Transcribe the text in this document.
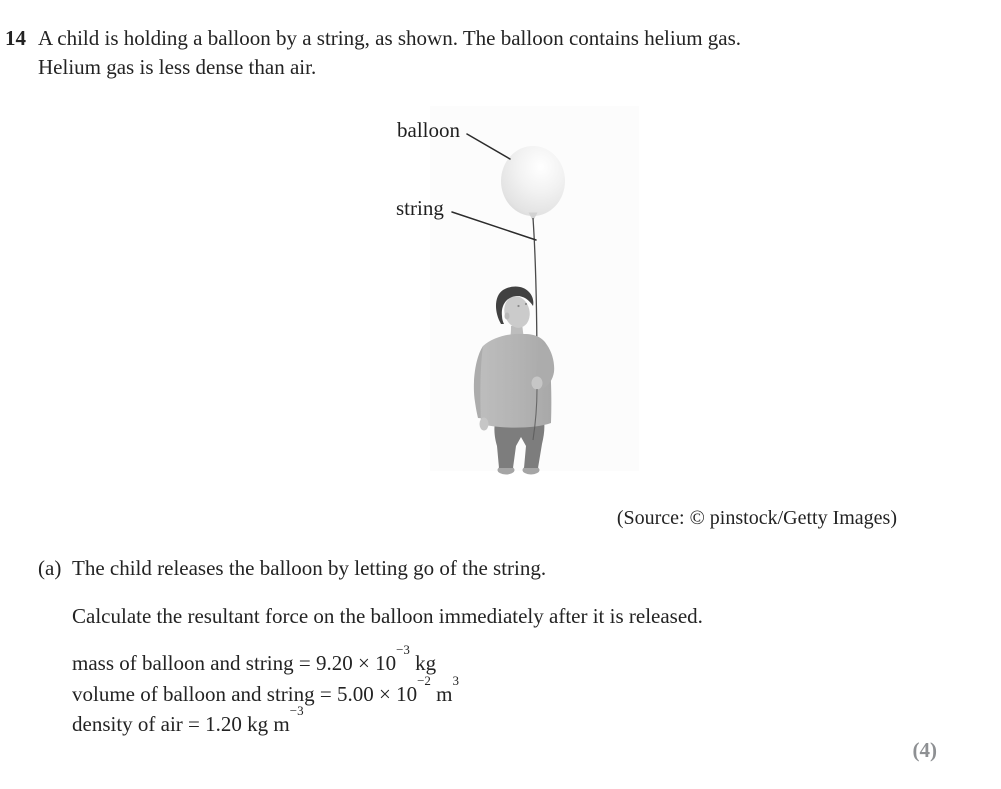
14 A child is holding a balloon by a string, as shown. The balloon contains helium gas.
Helium gas is less dense than air.
balloon
string
(Source: © pinstock/Getty Images)
(a) The child releases the balloon by letting go of the string.
Calculate the resultant force on the balloon immediately after it is released.
mass of balloon and string = $9.20 \times 10^{-3}$ kg
volume of balloon and string = $5.00 \times 10^{-2}$ $m^3$
density of air = 1.20 kg $m^{-3}$
(4)
